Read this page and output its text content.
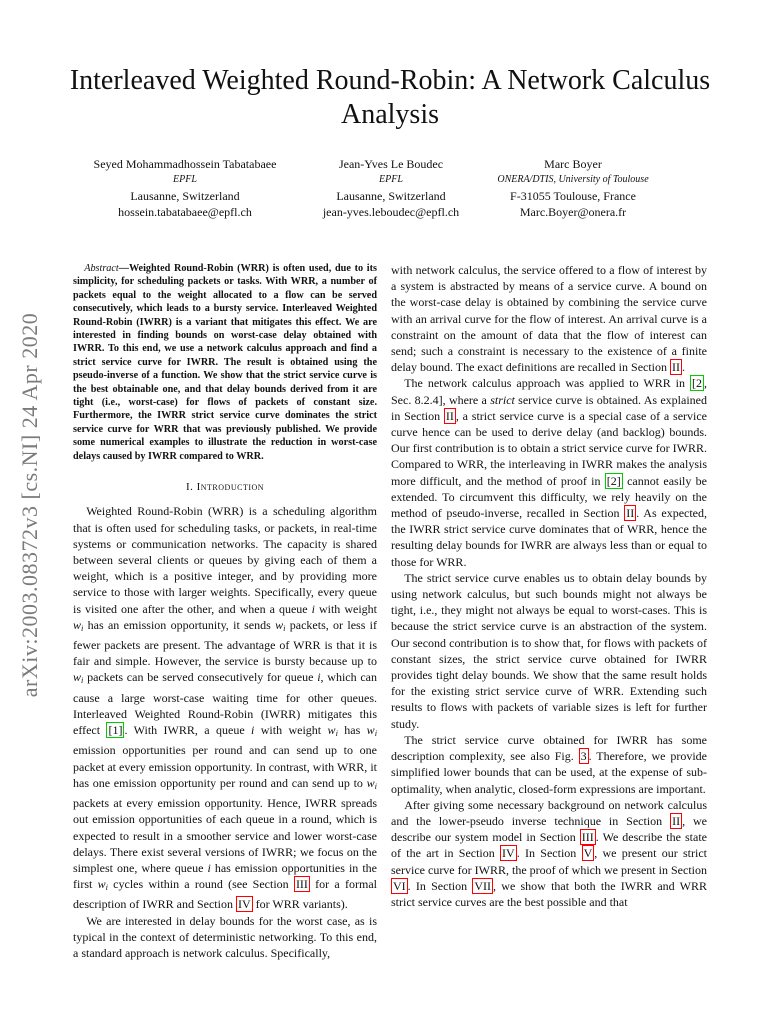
arXiv:2003.08372v3 [cs.NI] 24 Apr 2020
Interleaved Weighted Round-Robin: A Network Calculus Analysis
Seyed Mohammadhossein Tabatabaee
EPFL
Lausanne, Switzerland
hossein.tabatabaee@epfl.ch
Jean-Yves Le Boudec
EPFL
Lausanne, Switzerland
jean-yves.leboudec@epfl.ch
Marc Boyer
ONERA/DTIS, University of Toulouse
F-31055 Toulouse, France
Marc.Boyer@onera.fr

Abstract—Weighted Round-Robin (WRR) is often used, due to its simplicity, for scheduling packets or tasks. With WRR, a number of packets equal to the weight allocated to a flow can be served consecutively, which leads to a bursty service. Interleaved Weighted Round-Robin (IWRR) is a variant that mitigates this effect. We are interested in finding bounds on worst-case delay obtained with IWRR. To this end, we use a network calculus approach and find a strict service curve for IWRR. The result is obtained using the pseudo-inverse of a function. We show that the strict service curve is the best obtainable one, and that delay bounds derived from it are tight (i.e., worst-case) for flows of packets of constant size. Furthermore, the IWRR strict service curve dominates the strict service curve for WRR that was previously published. We provide some numerical examples to illustrate the reduction in worst-case delays caused by IWRR compared to WRR.

I. Introduction

Weighted Round-Robin (WRR) is a scheduling algorithm that is often used for scheduling tasks, or packets, in real-time systems or communication networks. The capacity is shared between several clients or queues by giving each of them a weight, which is a positive integer, and by providing more service to those with larger weights. Specifically, every queue is visited one after the other, and when a queue i with weight $w_i$ has an emission opportunity, it sends $w_i$ packets, or less if fewer packets are present. The advantage of WRR is that it is fair and simple. However, the service is bursty because up to $w_i$ packets can be served consecutively for queue i, which can cause a large worst-case waiting time for other queues. Interleaved Weighted Round-Robin (IWRR) mitigates this effect [1] . With IWRR, a queue i with weight $w_i$ has $w_i$ emission opportunities per round and can send up to one packet at every emission opportunity. In contrast, with WRR, it has one emission opportunity per round and can send up to $w_i$ packets at every emission opportunity. Hence, IWRR spreads out emission opportunities of each queue in a round, which is expected to result in a smoother service and lower worst-case delays. There exist several versions of IWRR; we focus on the simplest one, where queue i has emission opportunities in the first $w_i$ cycles within a round (see Section III for a formal description of IWRR and Section IV for WRR variants).

We are interested in delay bounds for the worst case, as is typical in the context of deterministic networking. To this end, a standard approach is network calculus. Specifically,

with network calculus, the service offered to a flow of interest by a system is abstracted by means of a service curve. A bound on the worst-case delay is obtained by combining the service curve with an arrival curve for the flow of interest. An arrival curve is a constraint on the amount of data that the flow of interest can send; such a constraint is necessary to the existence of a finite delay bound. The exact definitions are recalled in Section II .

The network calculus approach was applied to WRR in [2 , Sec. 8.2.4], where a strict service curve is obtained. As explained in Section II , a strict service curve is a special case of a service curve hence can be used to derive delay (and backlog) bounds. Our first contribution is to obtain a strict service curve for IWRR. Compared to WRR, the interleaving in IWRR makes the analysis more difficult, and the method of proof in [2] cannot easily be extended. To circumvent this difficulty, we rely heavily on the method of pseudo-inverse, recalled in Section II . As expected, the IWRR strict service curve dominates that of WRR, hence the resulting delay bounds for IWRR are always less than or equal to those for WRR.

The strict service curve enables us to obtain delay bounds by using network calculus, but such bounds might not always be tight, i.e., they might not always be equal to worst-cases. This is because the strict service curve is an abstraction of the system. Our second contribution is to show that, for flows with packets of constant sizes, the strict service curve obtained for IWRR provides tight delay bounds. We show that the same result holds for the existing strict service curve of WRR. Extending such results to flows with packets of variable sizes is left for further study.

The strict service curve obtained for IWRR has some description complexity, see also Fig. 3 . Therefore, we provide simplified lower bounds that can be used, at the expense of sub-optimality, when analytic, closed-form expressions are important.

After giving some necessary background on network calculus and the lower-pseudo inverse technique in Section II , we describe our system model in Section III . We describe the state of the art in Section IV . In Section V , we present our strict service curve for IWRR, the proof of which we present in Section VI . In Section VII , we show that both the IWRR and WRR strict service curves are the best possible and that
